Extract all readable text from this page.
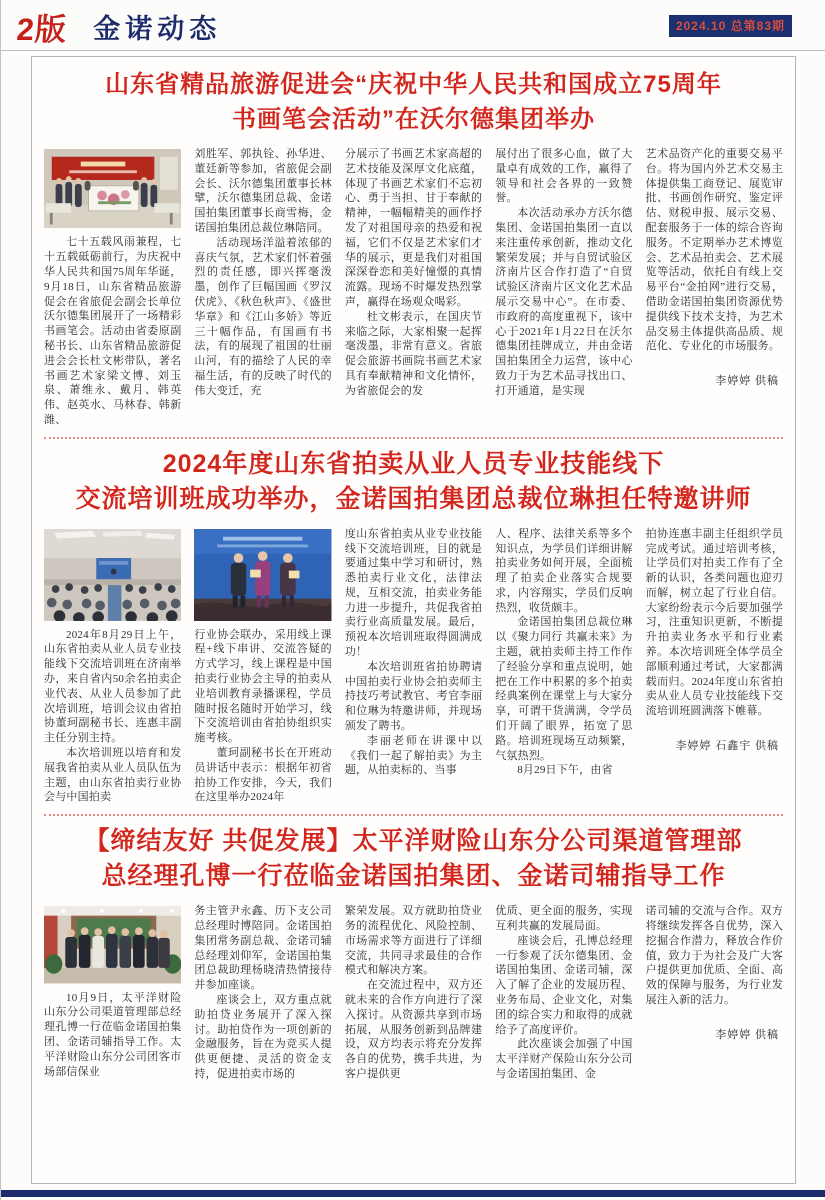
2版 金诺动态	2024.10 总第83期
山东省精品旅游促进会“庆祝中华人民共和国成立75周年
书画笔会活动”在沃尔德集团举办

七十五载风雨兼程，七十五载砥砺前行，为庆祝中华人民共和国75周年华诞，9月18日，山东省精品旅游促会在省旅促会副会长单位沃尔德集团展开了一场精彩书画笔会。活动由省委原副秘书长、山东省精品旅游促进会会长杜文彬带队，著名书画艺术家梁文博、刘玉泉、萧维永、戴月、韩英伟、赵英水、马林春、韩新潍、

刘胜军、郭执铨、孙华进、董廷新等参加，省旅促会副会长、沃尔德集团董事长林擘，沃尔德集团总裁、金诺国拍集团董事长商雪梅，金诺国拍集团总裁位琳陪同。

活动现场洋溢着浓郁的喜庆气氛，艺术家们怀着强烈的责任感，即兴挥毫泼墨，创作了巨幅国画《罗汉伏虎》、《秋色秋声》、《盛世华章》和《江山多娇》等近三十幅作品，有国画有书法，有的展现了祖国的壮丽山河，有的描绘了人民的幸福生活，有的反映了时代的伟大变迁，充

分展示了书画艺术家高超的艺术技能及深厚文化底蕴，体现了书画艺术家们不忘初心、勇于当担、甘于奉献的精神，一幅幅精美的画作抒发了对祖国母亲的热爱和祝福，它们不仅是艺术家们才华的展示，更是我们对祖国深深眷恋和美好憧憬的真情流露。现场不时爆发热烈掌声，赢得在场观众喝彩。

杜文彬表示，在国庆节来临之际，大家相聚一起挥毫泼墨，非常有意义。省旅促会旅游书画院书画艺术家具有奉献精神和文化情怀，为省旅促会的发

展付出了很多心血，做了大量卓有成效的工作，赢得了领导和社会各界的一致赞誉。

本次活动承办方沃尔德集团、金诺国拍集团一直以来注重传承创新，推动文化繁荣发展；并与自贸试验区济南片区合作打造了“自贸试验区济南片区文化艺术品展示交易中心”。在市委、市政府的高度重视下，该中心于2021年1月22日在沃尔德集团挂牌成立，并由金诺国拍集团全力运营，该中心致力于为艺术品寻找出口、打开通道，是实现

艺术品资产化的重要交易平台。将为国内外艺术交易主体提供集工商登记、展览审批、书画创作研究、鉴定评估、财税申报、展示交易、配套服务于一体的综合咨询服务。不定期举办艺术博览会、艺术品拍卖会、艺术展览等活动，依托自有线上交易平台“金拍网”进行交易，借助金诺国拍集团资源优势提供线下技术支持，为艺术品交易主体提供高品质、规范化、专业化的市场服务。

李婷婷 供稿

2024年度山东省拍卖从业人员专业技能线下
交流培训班成功举办，金诺国拍集团总裁位琳担任特邀讲师

2024年8月29日上午，山东省拍卖从业人员专业技能线下交流培训班在济南举办，来自省内50余名拍卖企业代表、从业人员参加了此次培训班，培训会议由省拍协董珂副秘书长、连惠丰副主任分别主持。

本次培训班以培育和发展我省拍卖从业人员队伍为主题，由山东省拍卖行业协会与中国拍卖

行业协会联办，采用线上课程+线下串讲、交流答疑的方式学习，线上课程是中国拍卖行业协会主导的拍卖从业培训教育录播课程，学员随时报名随时开始学习，线下交流培训由省拍协组织实施考核。

董珂副秘书长在开班动员讲话中表示：根据年初省拍协工作安排，今天，我们在这里举办2024年

度山东省拍卖从业专业技能线下交流培训班，目的就是要通过集中学习和研讨，熟悉拍卖行业文化，法律法规，互相交流，拍卖业务能力进一步提升，共促我省拍卖行业高质量发展。最后，预祝本次培训班取得圆满成功！

本次培训班省拍协聘请中国拍卖行业协会拍卖师主持技巧考试教官、考官李丽和位琳为特邀讲师，并现场颁发了聘书。

李丽老师在讲课中以《我们一起了解拍卖》为主题，从拍卖标的、当事

人、程序、法律关系等多个知识点，为学员们详细讲解拍卖业务如何开展，全面梳理了拍卖企业落实合规要求，内容翔实，学员们反响热烈，收货颇丰。

金诺国拍集团总裁位琳以《聚力同行 共赢未来》为主题，就拍卖师主持工作作了经验分享和重点说明，她把在工作中积累的多个拍卖经典案例在课堂上与大家分享，可谓干货满满，令学员们开阔了眼界，拓宽了思路。培训班现场互动频繁，气氛热烈。

8月29日下午，由省

拍协连惠丰副主任组织学员完成考试。通过培训考核，让学员们对拍卖工作有了全新的认识，各类问题也迎刃而解，树立起了行业自信。大家纷纷表示今后要加强学习，注重知识更新，不断提升拍卖业务水平和行业素养。本次培训班全体学员全部顺利通过考试，大家都满载而归。2024年度山东省拍卖从业人员专业技能线下交流培训班圆满落下帷幕。

李婷婷 石鑫宇 供稿

【缔结友好 共促发展】太平洋财险山东分公司渠道管理部
总经理孔博一行莅临金诺国拍集团、金诺司辅指导工作

10月9日，太平洋财险山东分公司渠道管理部总经理孔博一行莅临金诺国拍集团、金诺司辅指导工作。太平洋财险山东分公司团客市场部信保业

务主管尹永鑫、历下支公司总经理时博陪同。金诺国拍集团常务副总裁、金诺司辅总经理刘仰军，金诺国拍集团总裁助理杨晓清热情接待并参加座谈。

座谈会上，双方重点就助拍贷业务展开了深入探讨。助拍贷作为一项创新的金融服务，旨在为竞买人提供更便捷、灵活的资金支持，促进拍卖市场的

繁荣发展。双方就助拍贷业务的流程优化、风险控制、市场需求等方面进行了详细交流，共同寻求最佳的合作模式和解决方案。

在交流过程中，双方还就未来的合作方向进行了深入探讨。从资源共享到市场拓展，从服务创新到品牌建设，双方均表示将充分发挥各自的优势，携手共进，为客户提供更

优质、更全面的服务，实现互利共赢的发展局面。

座谈会后，孔博总经理一行参观了沃尔德集团、金诺国拍集团、金诺司辅，深入了解了企业的发展历程、业务布局、企业文化，对集团的综合实力和取得的成就给予了高度评价。

此次座谈会加强了中国太平洋财产保险山东分公司与金诺国拍集团、金

诺司辅的交流与合作。双方将继续发挥各自优势，深入挖掘合作潜力，释放合作价值，致力于为社会及广大客户提供更加优质、全面、高效的保障与服务，为行业发展注入新的活力。

李婷婷 供稿
